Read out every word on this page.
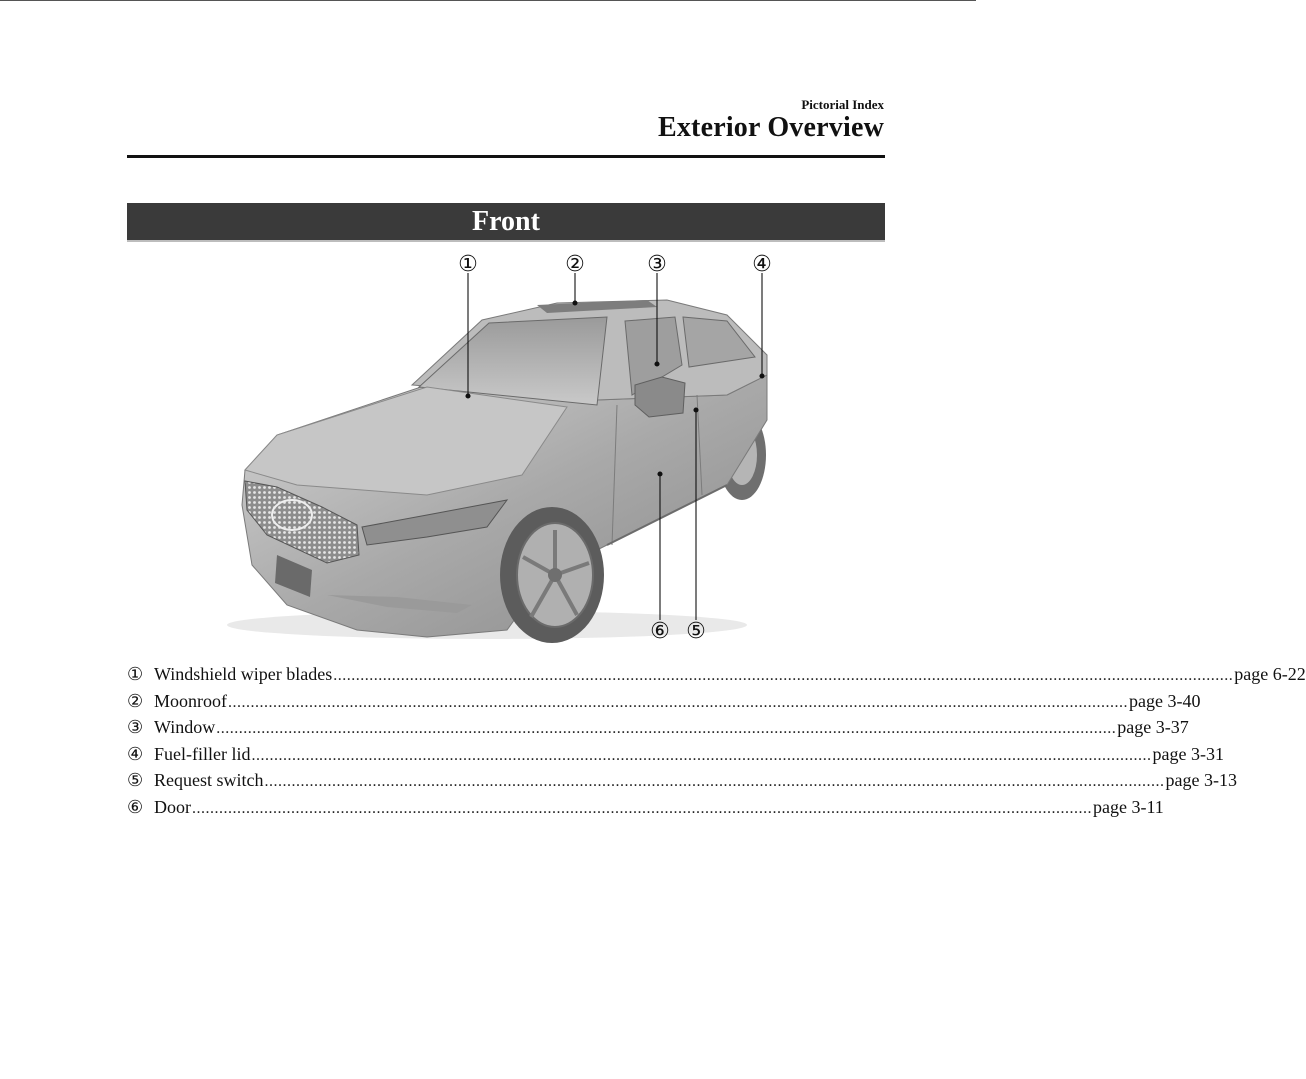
Pictorial Index
Exterior Overview
Front
①	②	③	④
⑤
⑥
① Windshield wiper blades ........................................................................................................................................................................................................ page 6-22
② Moonroof ........................................................................................................................................................................................................ page 3-40
③ Window ........................................................................................................................................................................................................ page 3-37
④ Fuel-filler lid ........................................................................................................................................................................................................ page 3-31
⑤ Request switch ........................................................................................................................................................................................................ page 3-13
⑥ Door ........................................................................................................................................................................................................ page 3-11
